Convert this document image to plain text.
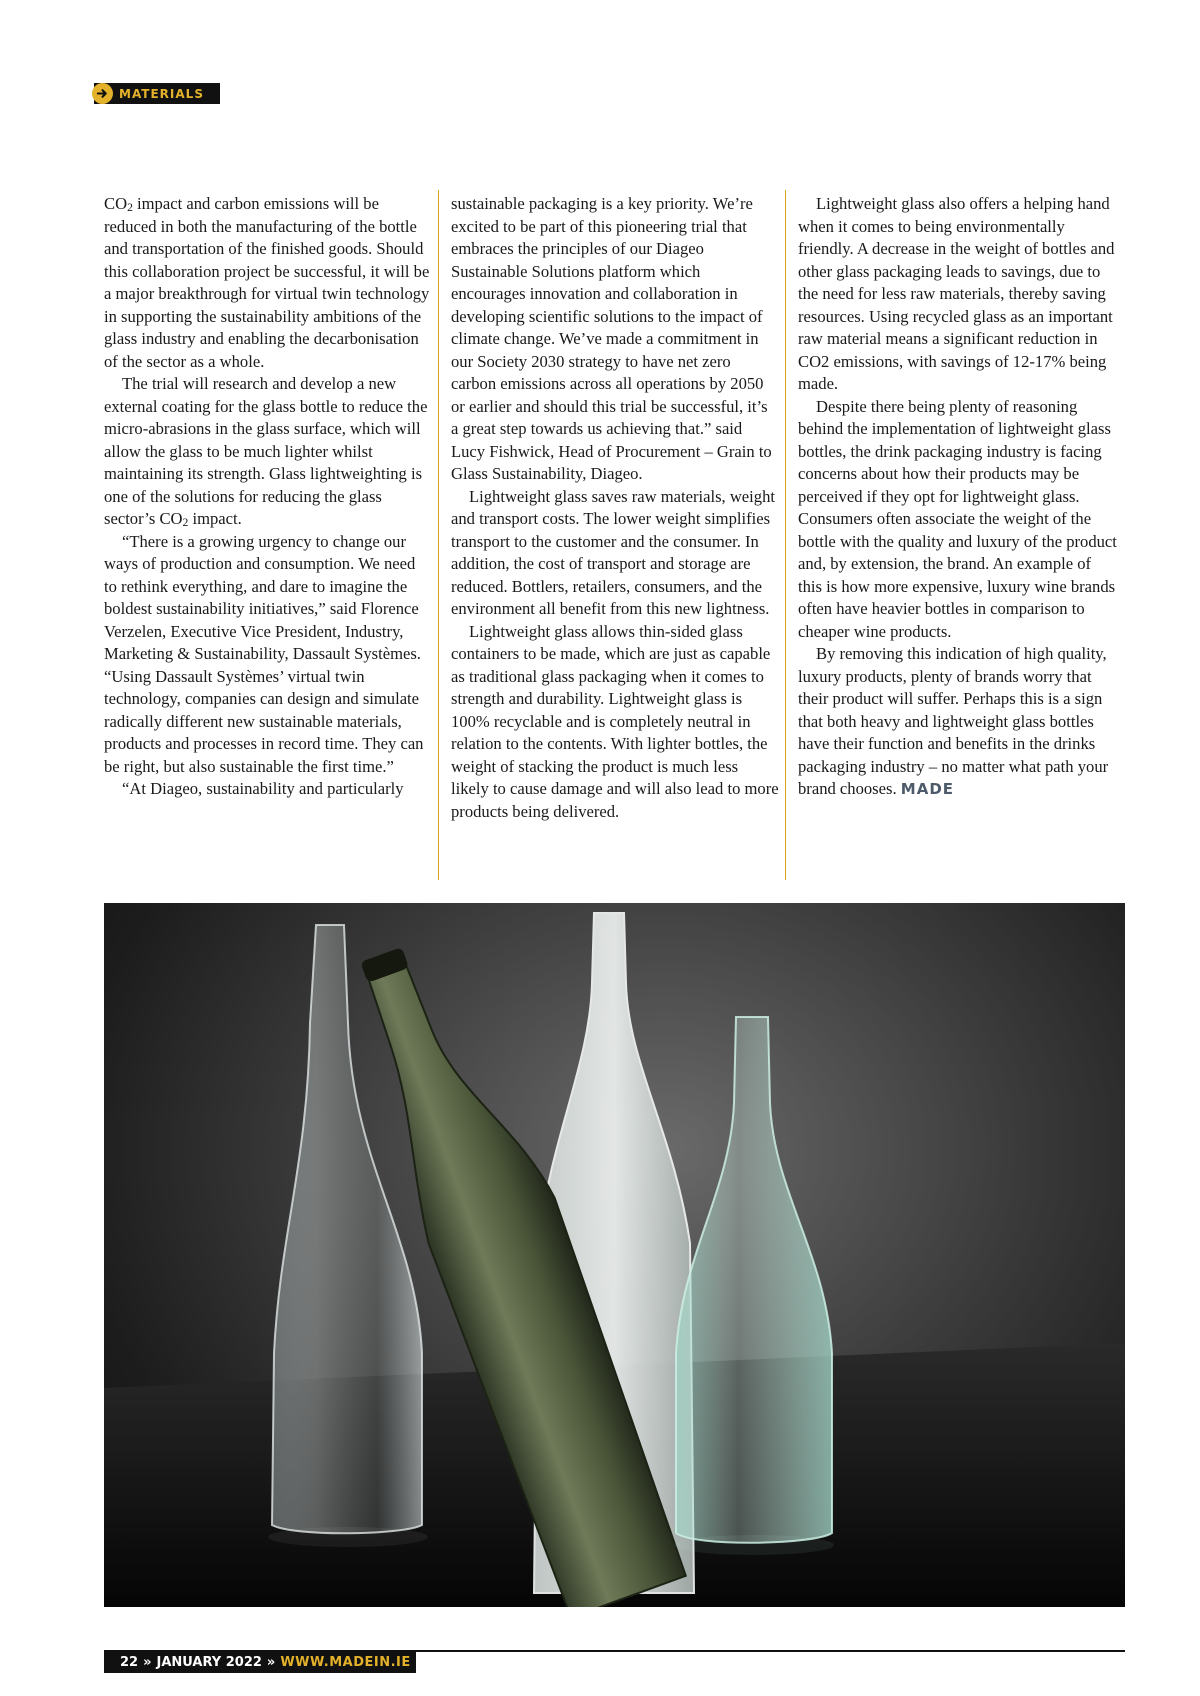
MATERIALS

$CO_2$ impact and carbon emissions will be reduced in both the manufacturing of the bottle and transportation of the finished goods. Should this collaboration project be successful, it will be a major breakthrough for virtual twin technology in supporting the sustainability ambitions of the glass industry and enabling the decarbonisation of the sector as a whole.

The trial will research and develop a new external coating for the glass bottle to reduce the micro-abrasions in the glass surface, which will allow the glass to be much lighter whilst maintaining its strength. Glass lightweighting is one of the solutions for reducing the glass sector’s $CO_2$ impact.

“There is a growing urgency to change our ways of production and consumption. We need to rethink everything, and dare to imagine the boldest sustainability initiatives,” said Florence Verzelen, Executive Vice President, Industry, Marketing & Sustainability, Dassault Systèmes. “Using Dassault Systèmes’ virtual twin technology, companies can design and simulate radically different new sustainable materials, products and processes in record time. They can be right, but also sustainable the first time.”

“At Diageo, sustainability and particularly

sustainable packaging is a key priority. We’re excited to be part of this pioneering trial that embraces the principles of our Diageo Sustainable Solutions platform which encourages innovation and collaboration in developing scientific solutions to the impact of climate change. We’ve made a commitment in our Society 2030 strategy to have net zero carbon emissions across all operations by 2050 or earlier and should this trial be successful, it’s a great step towards us achieving that.” said Lucy Fishwick, Head of Procurement – Grain to Glass Sustainability, Diageo.

Lightweight glass saves raw materials, weight and transport costs. The lower weight simplifies transport to the customer and the consumer. In addition, the cost of transport and storage are reduced. Bottlers, retailers, consumers, and the environment all benefit from this new lightness.

Lightweight glass allows thin-sided glass containers to be made, which are just as capable as traditional glass packaging when it comes to strength and durability. Lightweight glass is 100% recyclable and is completely neutral in relation to the contents. With lighter bottles, the weight of stacking the product is much less likely to cause damage and will also lead to more products being delivered.

Lightweight glass also offers a helping hand when it comes to being environmentally friendly. A decrease in the weight of bottles and other glass packaging leads to savings, due to the need for less raw materials, thereby saving resources. Using recycled glass as an important raw material means a significant reduction in CO2 emissions, with savings of 12-17% being made.

Despite there being plenty of reasoning behind the implementation of lightweight glass bottles, the drink packaging industry is facing concerns about how their products may be perceived if they opt for lightweight glass. Consumers often associate the weight of the bottle with the quality and luxury of the product and, by extension, the brand. An example of this is how more expensive, luxury wine brands often have heavier bottles in comparison to cheaper wine products.

By removing this indication of high quality, luxury products, plenty of brands worry that their product will suffer. Perhaps this is a sign that both heavy and lightweight glass bottles have their function and benefits in the drinks packaging industry – no matter what path your brand chooses. MADE

22 » JANUARY 2022 » WWW.MADEIN.IE
